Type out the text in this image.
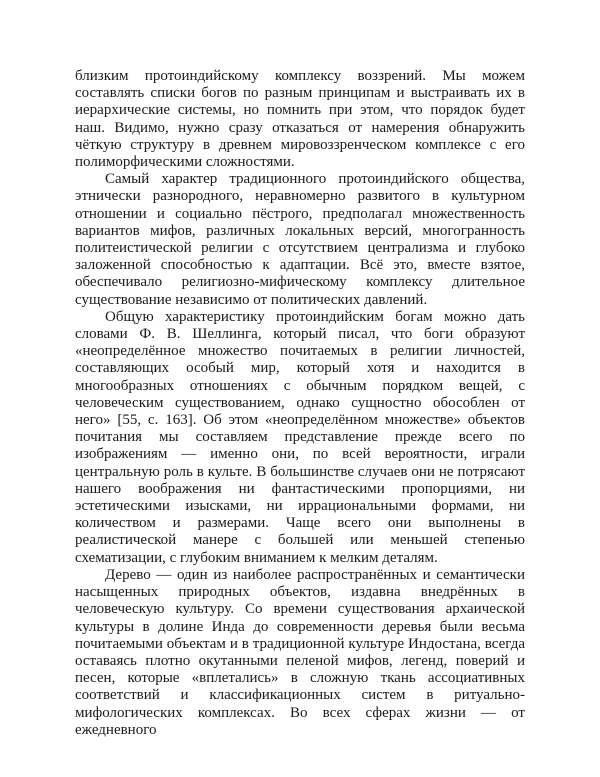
близким протоиндийскому комплексу воззрений. Мы можем составлять списки богов по разным принципам и выстраивать их в иерархические системы, но помнить при этом, что порядок будет наш. Видимо, нужно сразу отказаться от намерения обнаружить чёткую структуру в древнем мировоззренческом комплексе с его полиморфическими сложностями.

Самый характер традиционного протоиндийского общества, этнически разнородного, неравномерно развитого в культурном отношении и социально пёстрого, предполагал множественность вариантов мифов, различных локальных версий, многогранность политеистической религии с отсутствием централизма и глубоко заложенной способностью к адаптации. Всё это, вместе взятое, обеспечивало религиозно-мифическому комплексу длительное существование независимо от политических давлений.

Общую характеристику протоиндийским богам можно дать словами Ф. В. Шеллинга, который писал, что боги образуют «неопределённое множество почитаемых в религии личностей, составляющих особый мир, который хотя и находится в многообразных отношениях с обычным порядком вещей, с человеческим существованием, однако сущностно обособлен от него» [55, с. 163]. Об этом «неопределённом множестве» объектов почитания мы составляем представление прежде всего по изображениям — именно они, по всей вероятности, играли центральную роль в культе. В большинстве случаев они не потрясают нашего воображения ни фантастическими пропорциями, ни эстетическими изысками, ни иррациональными формами, ни количеством и размерами. Чаще всего они выполнены в реалистической манере с большей или меньшей степенью схематизации, с глубоким вниманием к мелким деталям.

Дерево — один из наиболее распространённых и семантически насыщенных природных объектов, издавна внедрённых в человеческую культуру. Со времени существования архаической культуры в долине Инда до современности деревья были весьма почитаемыми объектам и в традиционной культуре Индостана, всегда оставаясь плотно окутанными пеленой мифов, легенд, поверий и песен, которые «вплетались» в сложную ткань ассоциативных соответствий и классификационных систем в ритуально-мифологических комплексах. Во всех сферах жизни — от ежедневного
